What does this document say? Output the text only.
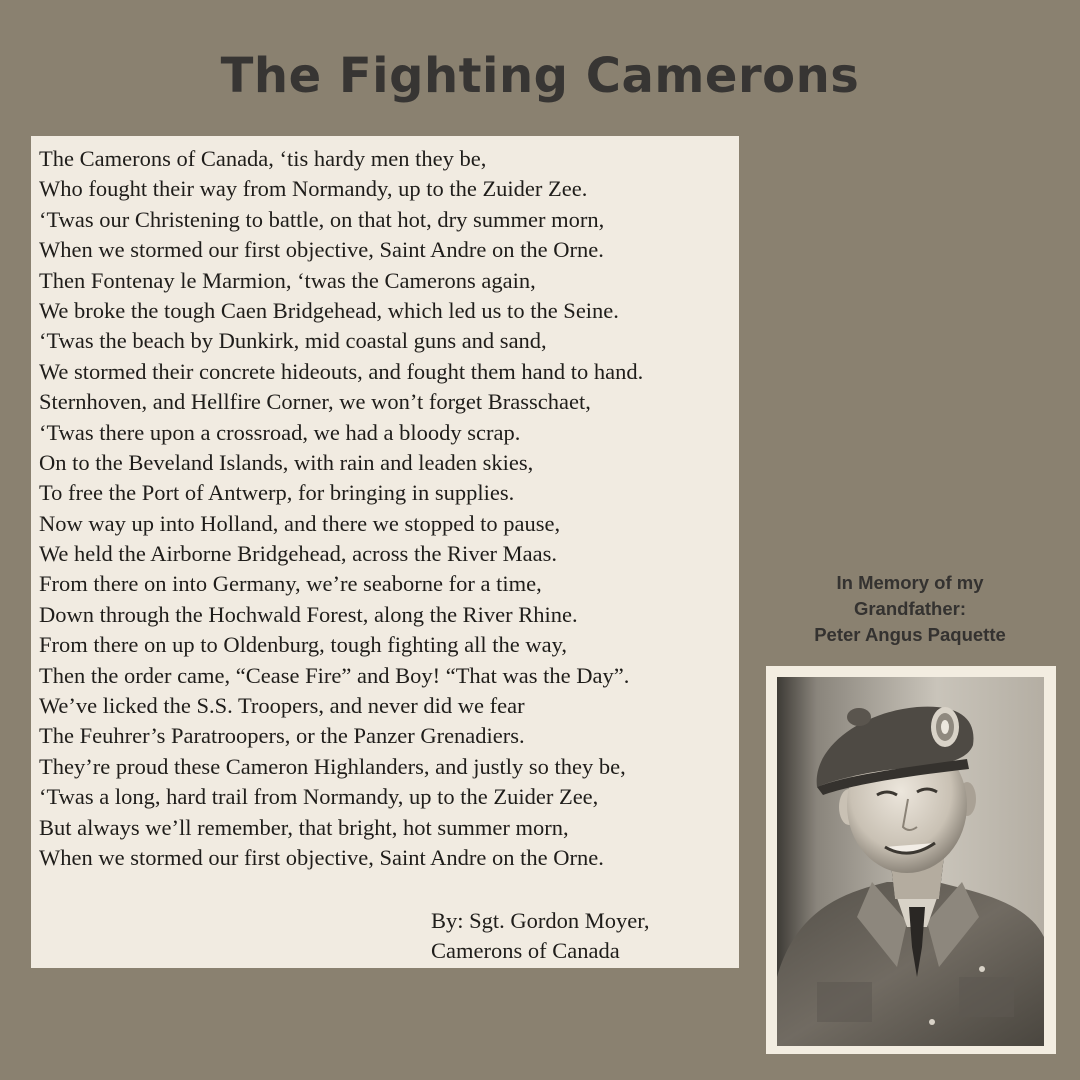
The Fighting Camerons
The Camerons of Canada, ‘tis hardy men they be,
Who fought their way from Normandy, up to the Zuider Zee.
‘Twas our Christening to battle, on that hot, dry summer morn,
When we stormed our first objective, Saint Andre on the Orne.
Then Fontenay le Marmion, ‘twas the Camerons again,
We broke the tough Caen Bridgehead, which led us to the Seine.
‘Twas the beach by Dunkirk, mid coastal guns and sand,
We stormed their concrete hideouts, and fought them hand to hand.
Sternhoven, and Hellfire Corner, we won’t forget Brasschaet,
‘Twas there upon a crossroad, we had a bloody scrap.
On to the Beveland Islands, with rain and leaden skies,
To free the Port of Antwerp, for bringing in supplies.
Now way up into Holland, and there we stopped to pause,
We held the Airborne Bridgehead, across the River Maas.
From there on into Germany, we’re seaborne for a time,
Down through the Hochwald Forest, along the River Rhine.
From there on up to Oldenburg, tough fighting all the way,
Then the order came, “Cease Fire” and Boy! “That was the Day”.
We’ve licked the S.S. Troopers, and never did we fear
The Feuhrer’s Paratroopers, or the Panzer Grenadiers.
They’re proud these Cameron Highlanders, and justly so they be,
‘Twas a long, hard trail from Normandy, up to the Zuider Zee,
But always we’ll remember, that bright, hot summer morn,
When we stormed our first objective, Saint Andre on the Orne.
By: Sgt. Gordon Moyer,
Camerons of Canada
In Memory of my
Grandfather:
Peter Angus Paquette
